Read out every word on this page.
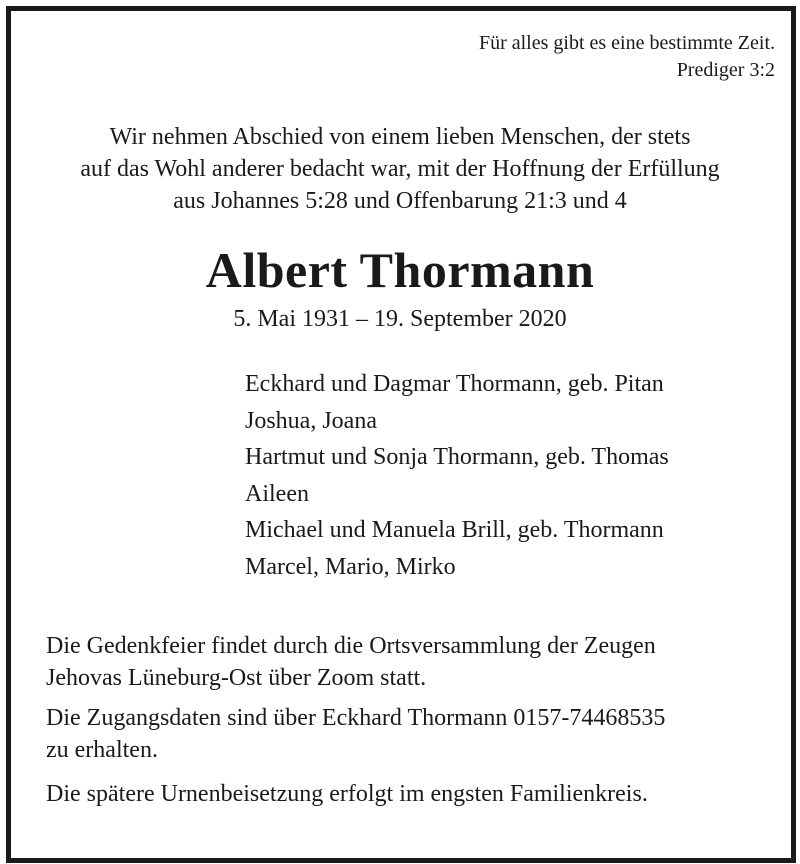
Für alles gibt es eine bestimmte Zeit.
Prediger 3:2
Wir nehmen Abschied von einem lieben Menschen, der stets
auf das Wohl anderer bedacht war, mit der Hoffnung der Erfüllung
aus Johannes 5:28 und Offenbarung 21:3 und 4
Albert Thormann
5. Mai 1931 – 19. September 2020
Eckhard und Dagmar Thormann, geb. Pitan
Joshua, Joana
Hartmut und Sonja Thormann, geb. Thomas
Aileen
Michael und Manuela Brill, geb. Thormann
Marcel, Mario, Mirko

Die Gedenkfeier findet durch die Ortsversammlung der Zeugen
Jehovas Lüneburg-Ost über Zoom statt.

Die Zugangsdaten sind über Eckhard Thormann 0157-74468535
zu erhalten.

Die spätere Urnenbeisetzung erfolgt im engsten Familienkreis.
